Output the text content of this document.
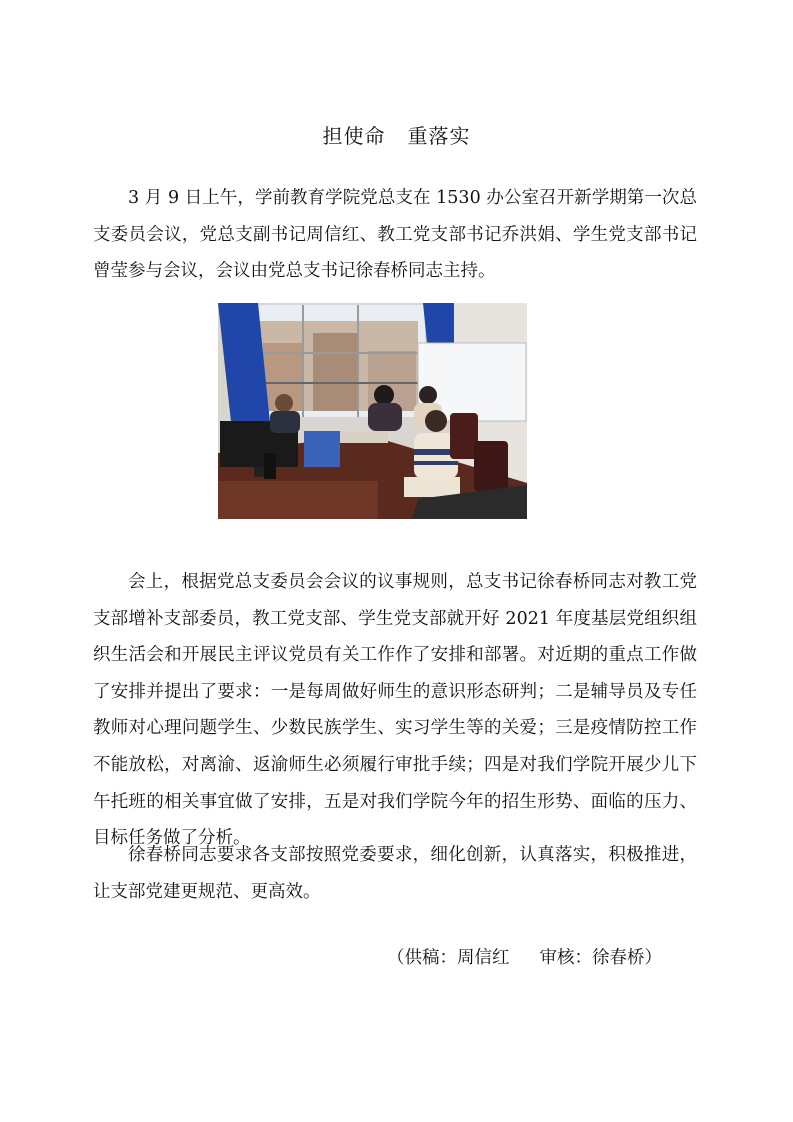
担使命 重落实

3 月 9 日上午，学前教育学院党总支在 1530 办公室召开新学期第一次总支委员会议，党总支副书记周信红、教工党支部书记乔洪娟、学生党支部书记曾莹参与会议，会议由党总支书记徐春桥同志主持。

会上，根据党总支委员会会议的议事规则，总支书记徐春桥同志对教工党支部增补支部委员，教工党支部、学生党支部就开好 2021 年度基层党组织组织生活会和开展民主评议党员有关工作作了安排和部署。对近期的重点工作做了安排并提出了要求：一是每周做好师生的意识形态研判；二是辅导员及专任教师对心理问题学生、少数民族学生、实习学生等的关爱；三是疫情防控工作不能放松，对离渝、返渝师生必须履行审批手续；四是对我们学院开展少儿下午托班的相关事宜做了安排，五是对我们学院今年的招生形势、面临的压力、目标任务做了分析。

徐春桥同志要求各支部按照党委要求，细化创新，认真落实，积极推进，让支部党建更规范、更高效。

（供稿：周信红 审核：徐春桥）
